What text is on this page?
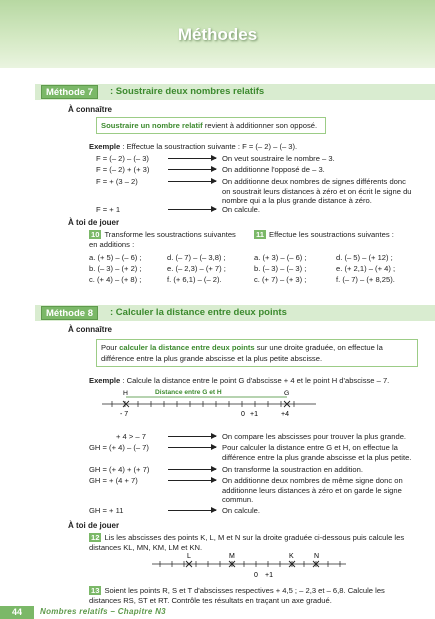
Méthodes
Méthode 7	: Soustraire deux nombres relatifs
À connaître
Soustraire un nombre relatif revient à additionner son opposé.
Exemple : Effectue la soustraction suivante : F = (– 2) – (– 3).
F = (– 2) – (– 3)	On veut soustraire le nombre – 3.
F = (– 2) + (+ 3)	On additionne l'opposé de – 3.
F = + (3 – 2)	On additionne deux nombres de signes différents donc on soustrait leurs distances à zéro et on écrit le signe du nombre qui a la plus grande distance à zéro.
F = + 1	On calcule.
À toi de jouer
10 Transforme les soustractions suivantes en additions :
a. (+ 5) – (– 6) ;
b. (– 3) – (+ 2) ;
c. (+ 4) – (+ 8) ;
d. (– 7) – (– 3,8) ;
e. (– 2,3) – (+ 7) ;
f. (+ 6,1) – (– 2).
11 Effectue les soustractions suivantes :
a. (+ 3) – (– 6) ;
b. (– 3) – (– 3) ;
c. (+ 7) – (+ 3) ;
d. (– 5) – (+ 12) ;
e. (+ 2,1) – (+ 4) ;
f. (– 7) – (+ 8,25).
Méthode 8	: Calculer la distance entre deux points
À connaître
Pour calculer la distance entre deux points sur une droite graduée, on effectue la différence entre la plus grande abscisse et la plus petite abscisse.
Exemple : Calcule la distance entre le point G d'abscisse + 4 et le point H d'abscisse – 7.
H	G
Distance entre G et H
- 7	0 +1	+4
+ 4 > – 7	On compare les abscisses pour trouver la plus grande.
GH = (+ 4) – (– 7)	Pour calculer la distance entre G et H, on effectue la différence entre la plus grande abscisse et la plus petite.
GH = (+ 4) + (+ 7)	On transforme la soustraction en addition.
GH = + (4 + 7)	On additionne deux nombres de même signe donc on additionne leurs distances à zéro et on garde le signe commun.
GH = + 11	On calcule.
À toi de jouer
12 Lis les abscisses des points K, L, M et N sur la droite graduée ci-dessous puis calcule les distances KL, MN, KM, LM et KN.
L	M	K	N
0 +1
13 Soient les points R, S et T d'abscisses respectives + 4,5 ; – 2,3 et – 6,8. Calcule les distances RS, ST et RT. Contrôle tes résultats en traçant un axe gradué.
44	Nombres relatifs – Chapitre N3
